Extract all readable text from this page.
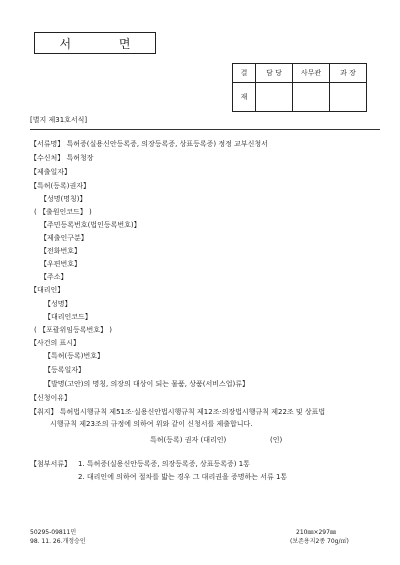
서 면
결	담 당	사무관	과 장
재			
[별지 제31호서식]
【서류명】 특허증(실용신안등록증, 의장등록증, 상표등록증) 정정 교부신청서
【수신처】 특허청장
【제출일자】
【특허(등록)권자】
【성명(명칭)】
( 【출원인코드】 )
【주민등록번호(법인등록번호)】
【제출인구분】
【전화번호】
【우편번호】
【주소】
【대리인】
【성명】
【대리인코드】
( 【포괄위임등록번호】 )
【사건의 표시】
【특허(등록)번호】
【등록일자】
【발명(고안)의 명칭, 의장의 대상이 되는 물품, 상품(서비스업)류】
【신청이유】
【취지】 특허법시행규칙 제51조·실용신안법시행규칙 제12조·의장법시행규칙 제22조 및 상표법
시행규칙 제23조의 규정에 의하여 위와 같이 신청서를 제출합니다.
특허(등록) 권자 (대리인)	(인)
【첨부서류】 1. 특허증(실용신안등록증, 의장등록증, 상표등록증) 1통
2. 대리인에 의하여 절차를 밟는 경우 그 대리권을 증명하는 서류 1통
50295-09811민
98. 11. 26.개정승인
210㎜×297㎜
(보존용지2종 70g/㎡)
